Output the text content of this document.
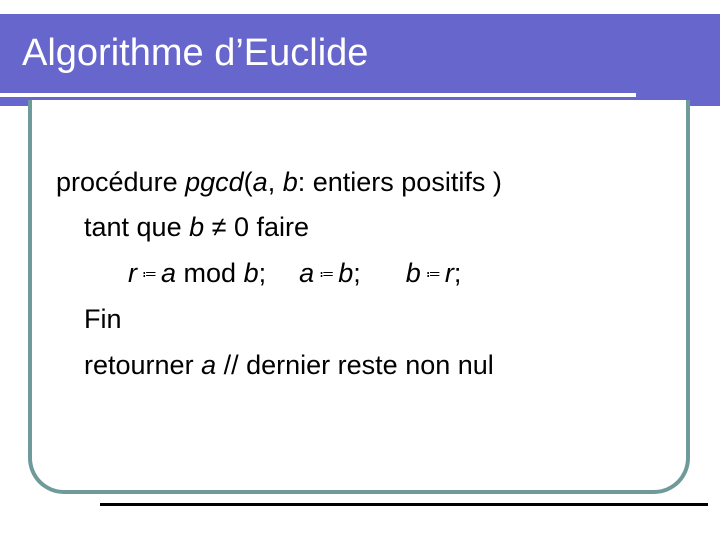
Algorithme d’Euclide
procédure pgcd(a, b: entiers positifs )
tant que b ≠ 0 faire
r ≔ a mod b; a ≔ b; b ≔ r;
Fin
retourner a // dernier reste non nul
